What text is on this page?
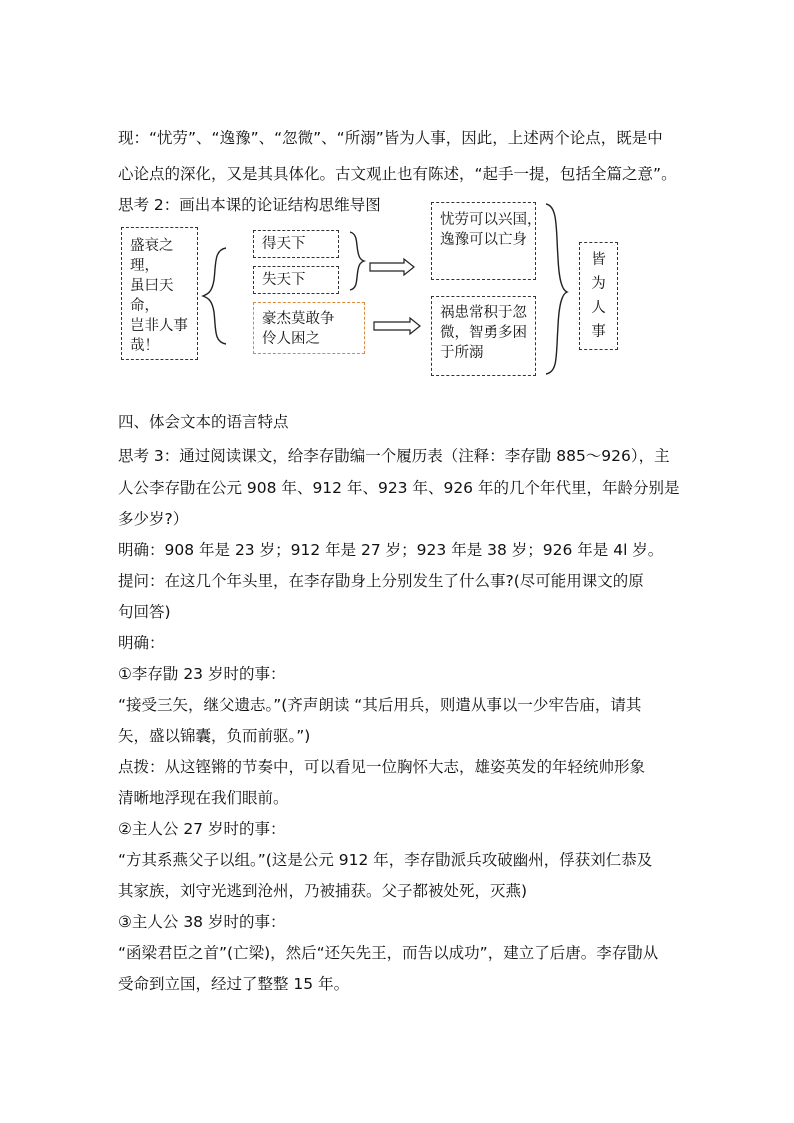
现：“忧劳”、“逸豫”、“忽微”、“所溺”皆为人事，因此，上述两个论点，既是中
心论点的深化，又是其具体化。古文观止也有陈述，“起手一提，包括全篇之意”。
思考 2：画出本课的论证结构思维导图
盛衰之理，
虽曰天命，
岂非人事
哉！
得天下
失天下
豪杰莫敢争
伶人困之
忧劳可以兴国，
逸豫可以亡身
祸患常积于忽
微，智勇多困
于所溺
皆
为
人
事
四、体会文本的语言特点
思考 3：通过阅读课文，给李存勖编一个履历表（注释：李存勖 885～926），主
人公李存勖在公元 908 年、912 年、923 年、926 年的几个年代里，年龄分别是
多少岁?）
明确：908 年是 23 岁；912 年是 27 岁；923 年是 38 岁；926 年是 4l 岁。
提问：在这几个年头里，在李存勖身上分别发生了什么事?(尽可能用课文的原
句回答)
明确：
①李存勖 23 岁时的事：
“接受三矢，继父遗志。”(齐声朗读 “其后用兵，则遣从事以一少牢告庙，请其
矢，盛以锦囊，负而前驱。”)
点拨：从这铿锵的节奏中，可以看见一位胸怀大志，雄姿英发的年轻统帅形象
清晰地浮现在我们眼前。
②主人公 27 岁时的事：
“方其系燕父子以组。”(这是公元 912 年，李存勖派兵攻破幽州，俘获刘仁恭及
其家族，刘守光逃到沧州，乃被捕获。父子都被处死，灭燕)
③主人公 38 岁时的事：
“函梁君臣之首”(亡梁)，然后“还矢先王，而告以成功”，建立了后唐。李存勖从
受命到立国，经过了整整 15 年。
